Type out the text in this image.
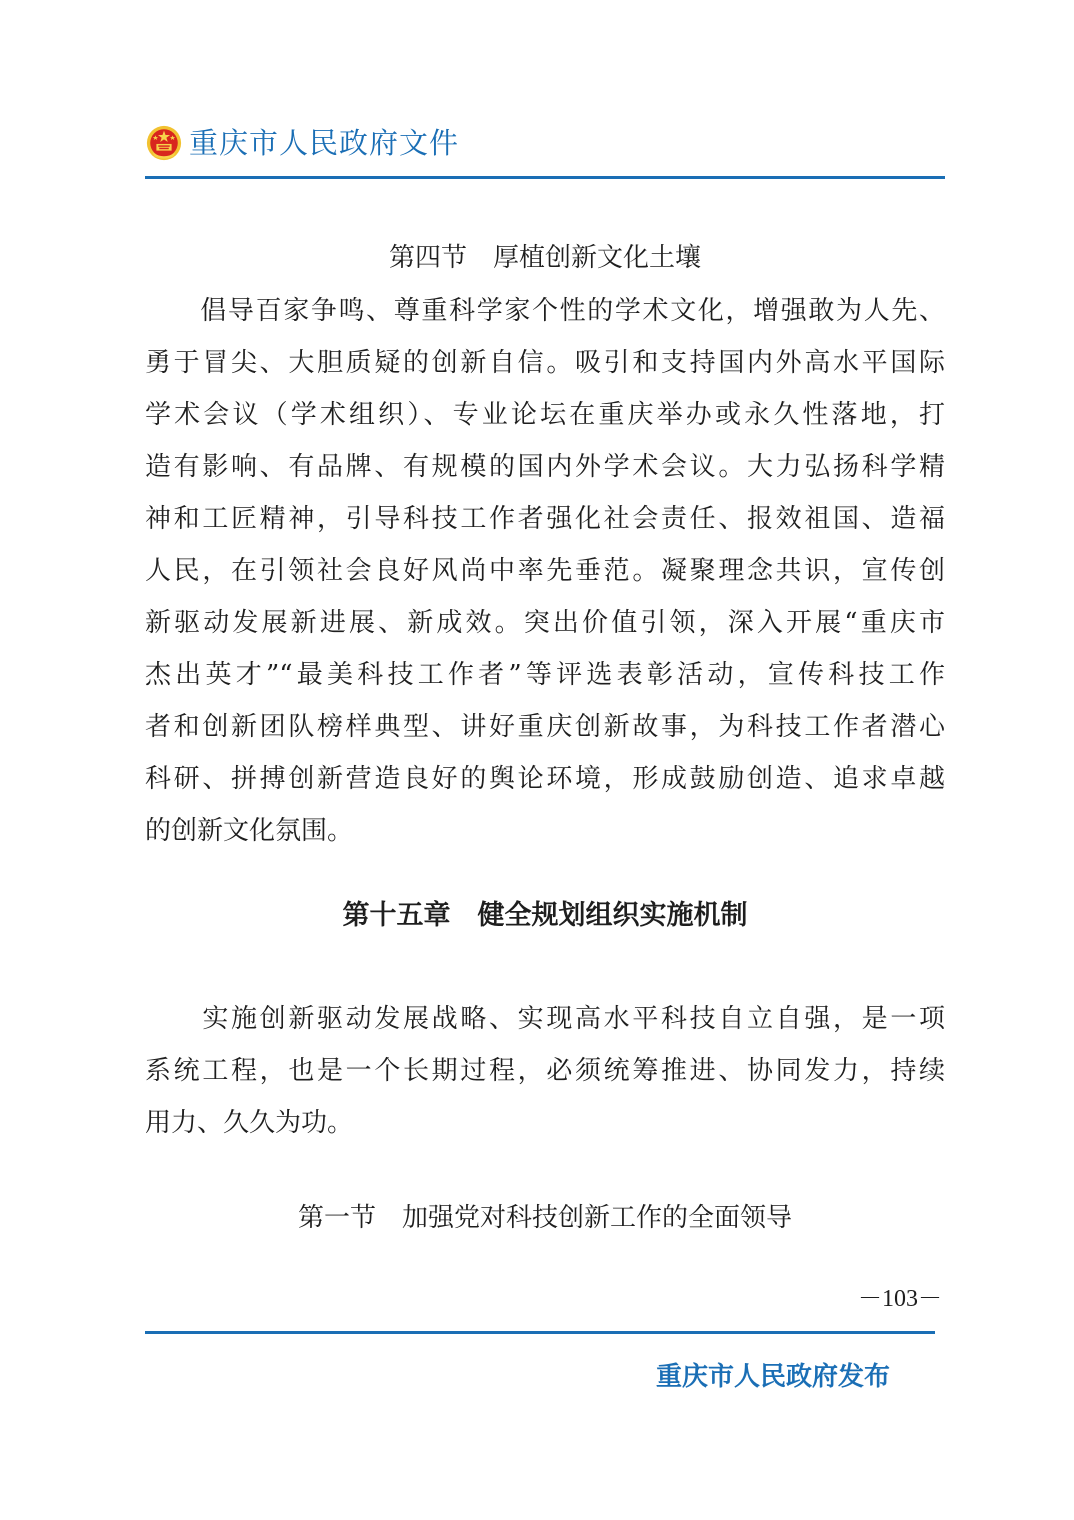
重庆市人民政府文件
第四节　厚植创新文化土壤
　　倡导百家争鸣、尊重科学家个性的学术文化，增强敢为人先、
勇于冒尖、大胆质疑的创新自信。吸引和支持国内外高水平国际
学术会议（学术组织）、专业论坛在重庆举办或永久性落地，打
造有影响、有品牌、有规模的国内外学术会议。大力弘扬科学精
神和工匠精神，引导科技工作者强化社会责任、报效祖国、造福
人民，在引领社会良好风尚中率先垂范。凝聚理念共识，宣传创
新驱动发展新进展、新成效。突出价值引领，深入开展“重庆市
杰出英才”“最美科技工作者”等评选表彰活动，宣传科技工作
者和创新团队榜样典型、讲好重庆创新故事，为科技工作者潜心
科研、拼搏创新营造良好的舆论环境，形成鼓励创造、追求卓越
的创新文化氛围。
第十五章　健全规划组织实施机制
　　实施创新驱动发展战略、实现高水平科技自立自强，是一项
系统工程，也是一个长期过程，必须统筹推进、协同发力，持续
用力、久久为功。
第一节　加强党对科技创新工作的全面领导
－103－
重庆市人民政府发布
